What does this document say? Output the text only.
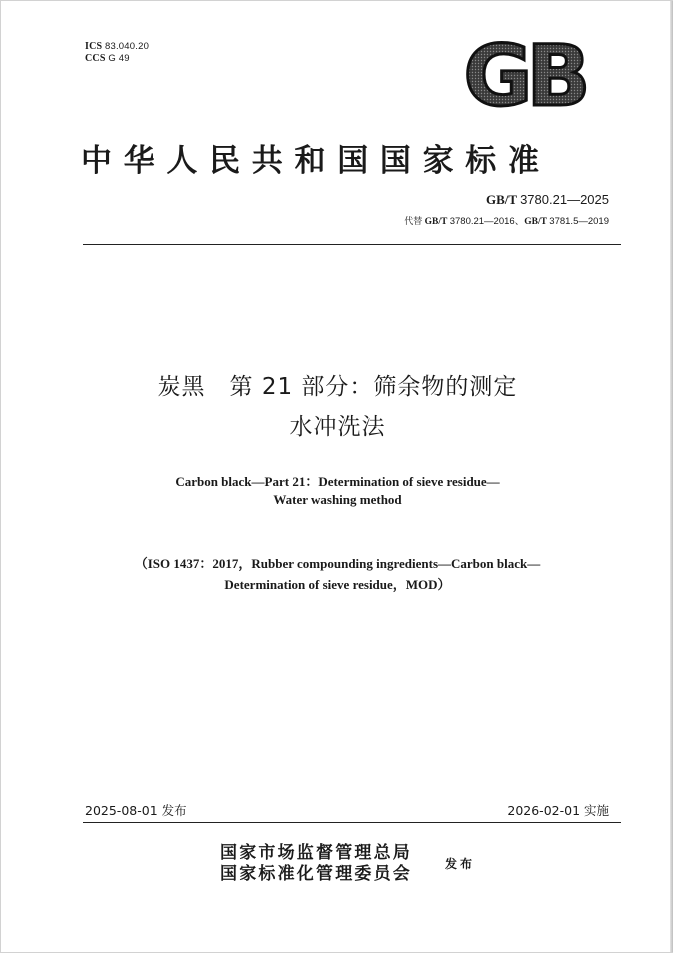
ICS 83.040.20
CCS G 49	GB
中华人民共和国国家标准
GB/T 3780.21—2025
代替 GB/T 3780.21—2016、GB/T 3781.5—2019
炭黑　第 21 部分：筛余物的测定
水冲洗法
Carbon black—Part 21：Determination of sieve residue—
Water washing method
（ISO 1437：2017，Rubber compounding ingredients—Carbon black—
Determination of sieve residue，MOD）
2025-08-01 发布	2026-02-01 实施
国家市场监督管理总局
国家标准化管理委员会	发布
